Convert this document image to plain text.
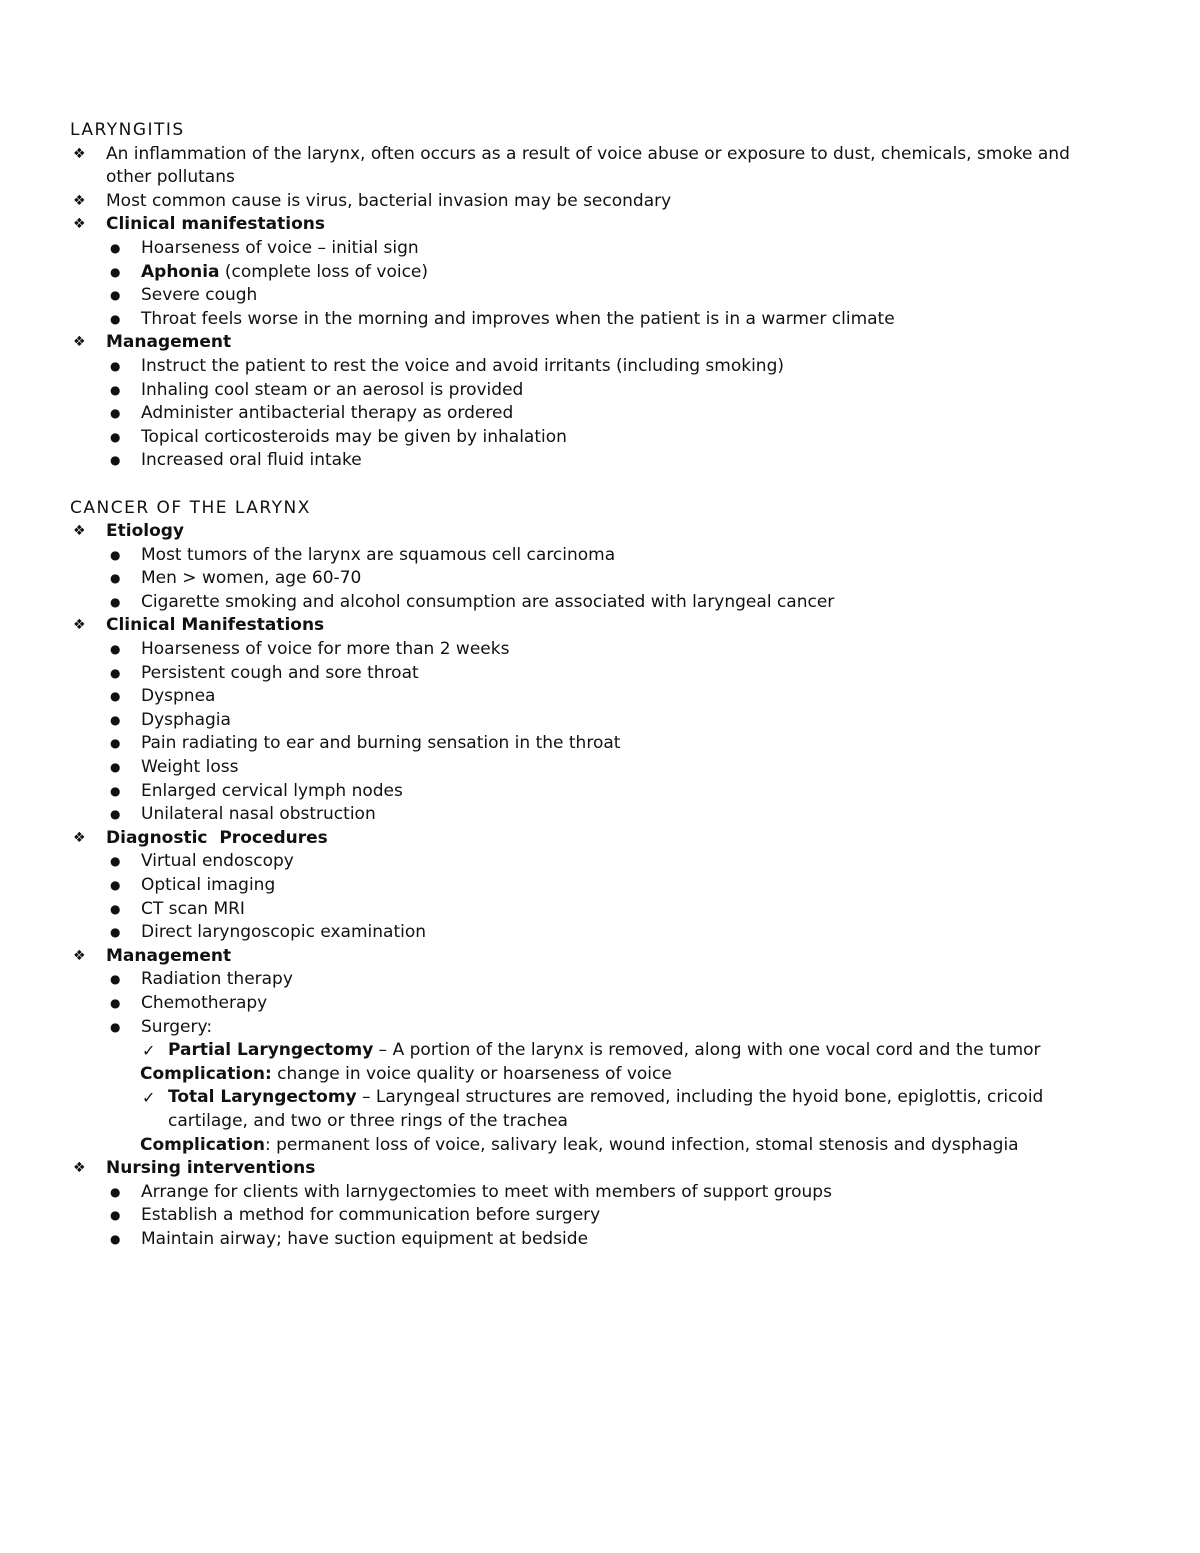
LARYNGITIS
❖ An inflammation of the larynx, often occurs as a result of voice abuse or exposure to dust, chemicals, smoke and
other pollutans
❖ Most common cause is virus, bacterial invasion may be secondary
❖ Clinical manifestations
● Hoarseness of voice – initial sign
● Aphonia (complete loss of voice)
● Severe cough
● Throat feels worse in the morning and improves when the patient is in a warmer climate
❖ Management
● Instruct the patient to rest the voice and avoid irritants (including smoking)
● Inhaling cool steam or an aerosol is provided
● Administer antibacterial therapy as ordered
● Topical corticosteroids may be given by inhalation
● Increased oral fluid intake
CANCER OF THE LARYNX
❖ Etiology
● Most tumors of the larynx are squamous cell carcinoma
● Men > women, age 60-70
● Cigarette smoking and alcohol consumption are associated with laryngeal cancer
❖ Clinical Manifestations
● Hoarseness of voice for more than 2 weeks
● Persistent cough and sore throat
● Dyspnea
● Dysphagia
● Pain radiating to ear and burning sensation in the throat
● Weight loss
● Enlarged cervical lymph nodes
● Unilateral nasal obstruction
❖ Diagnostic  Procedures
● Virtual endoscopy
● Optical imaging
● CT scan MRI
● Direct laryngoscopic examination
❖ Management
● Radiation therapy
● Chemotherapy
● Surgery:
✓ Partial Laryngectomy – A portion of the larynx is removed, along with one vocal cord and the tumor
Complication: change in voice quality or hoarseness of voice
✓ Total Laryngectomy – Laryngeal structures are removed, including the hyoid bone, epiglottis, cricoid
cartilage, and two or three rings of the trachea
Complication: permanent loss of voice, salivary leak, wound infection, stomal stenosis and dysphagia
❖ Nursing interventions
● Arrange for clients with larnygectomies to meet with members of support groups
● Establish a method for communication before surgery
● Maintain airway; have suction equipment at bedside
